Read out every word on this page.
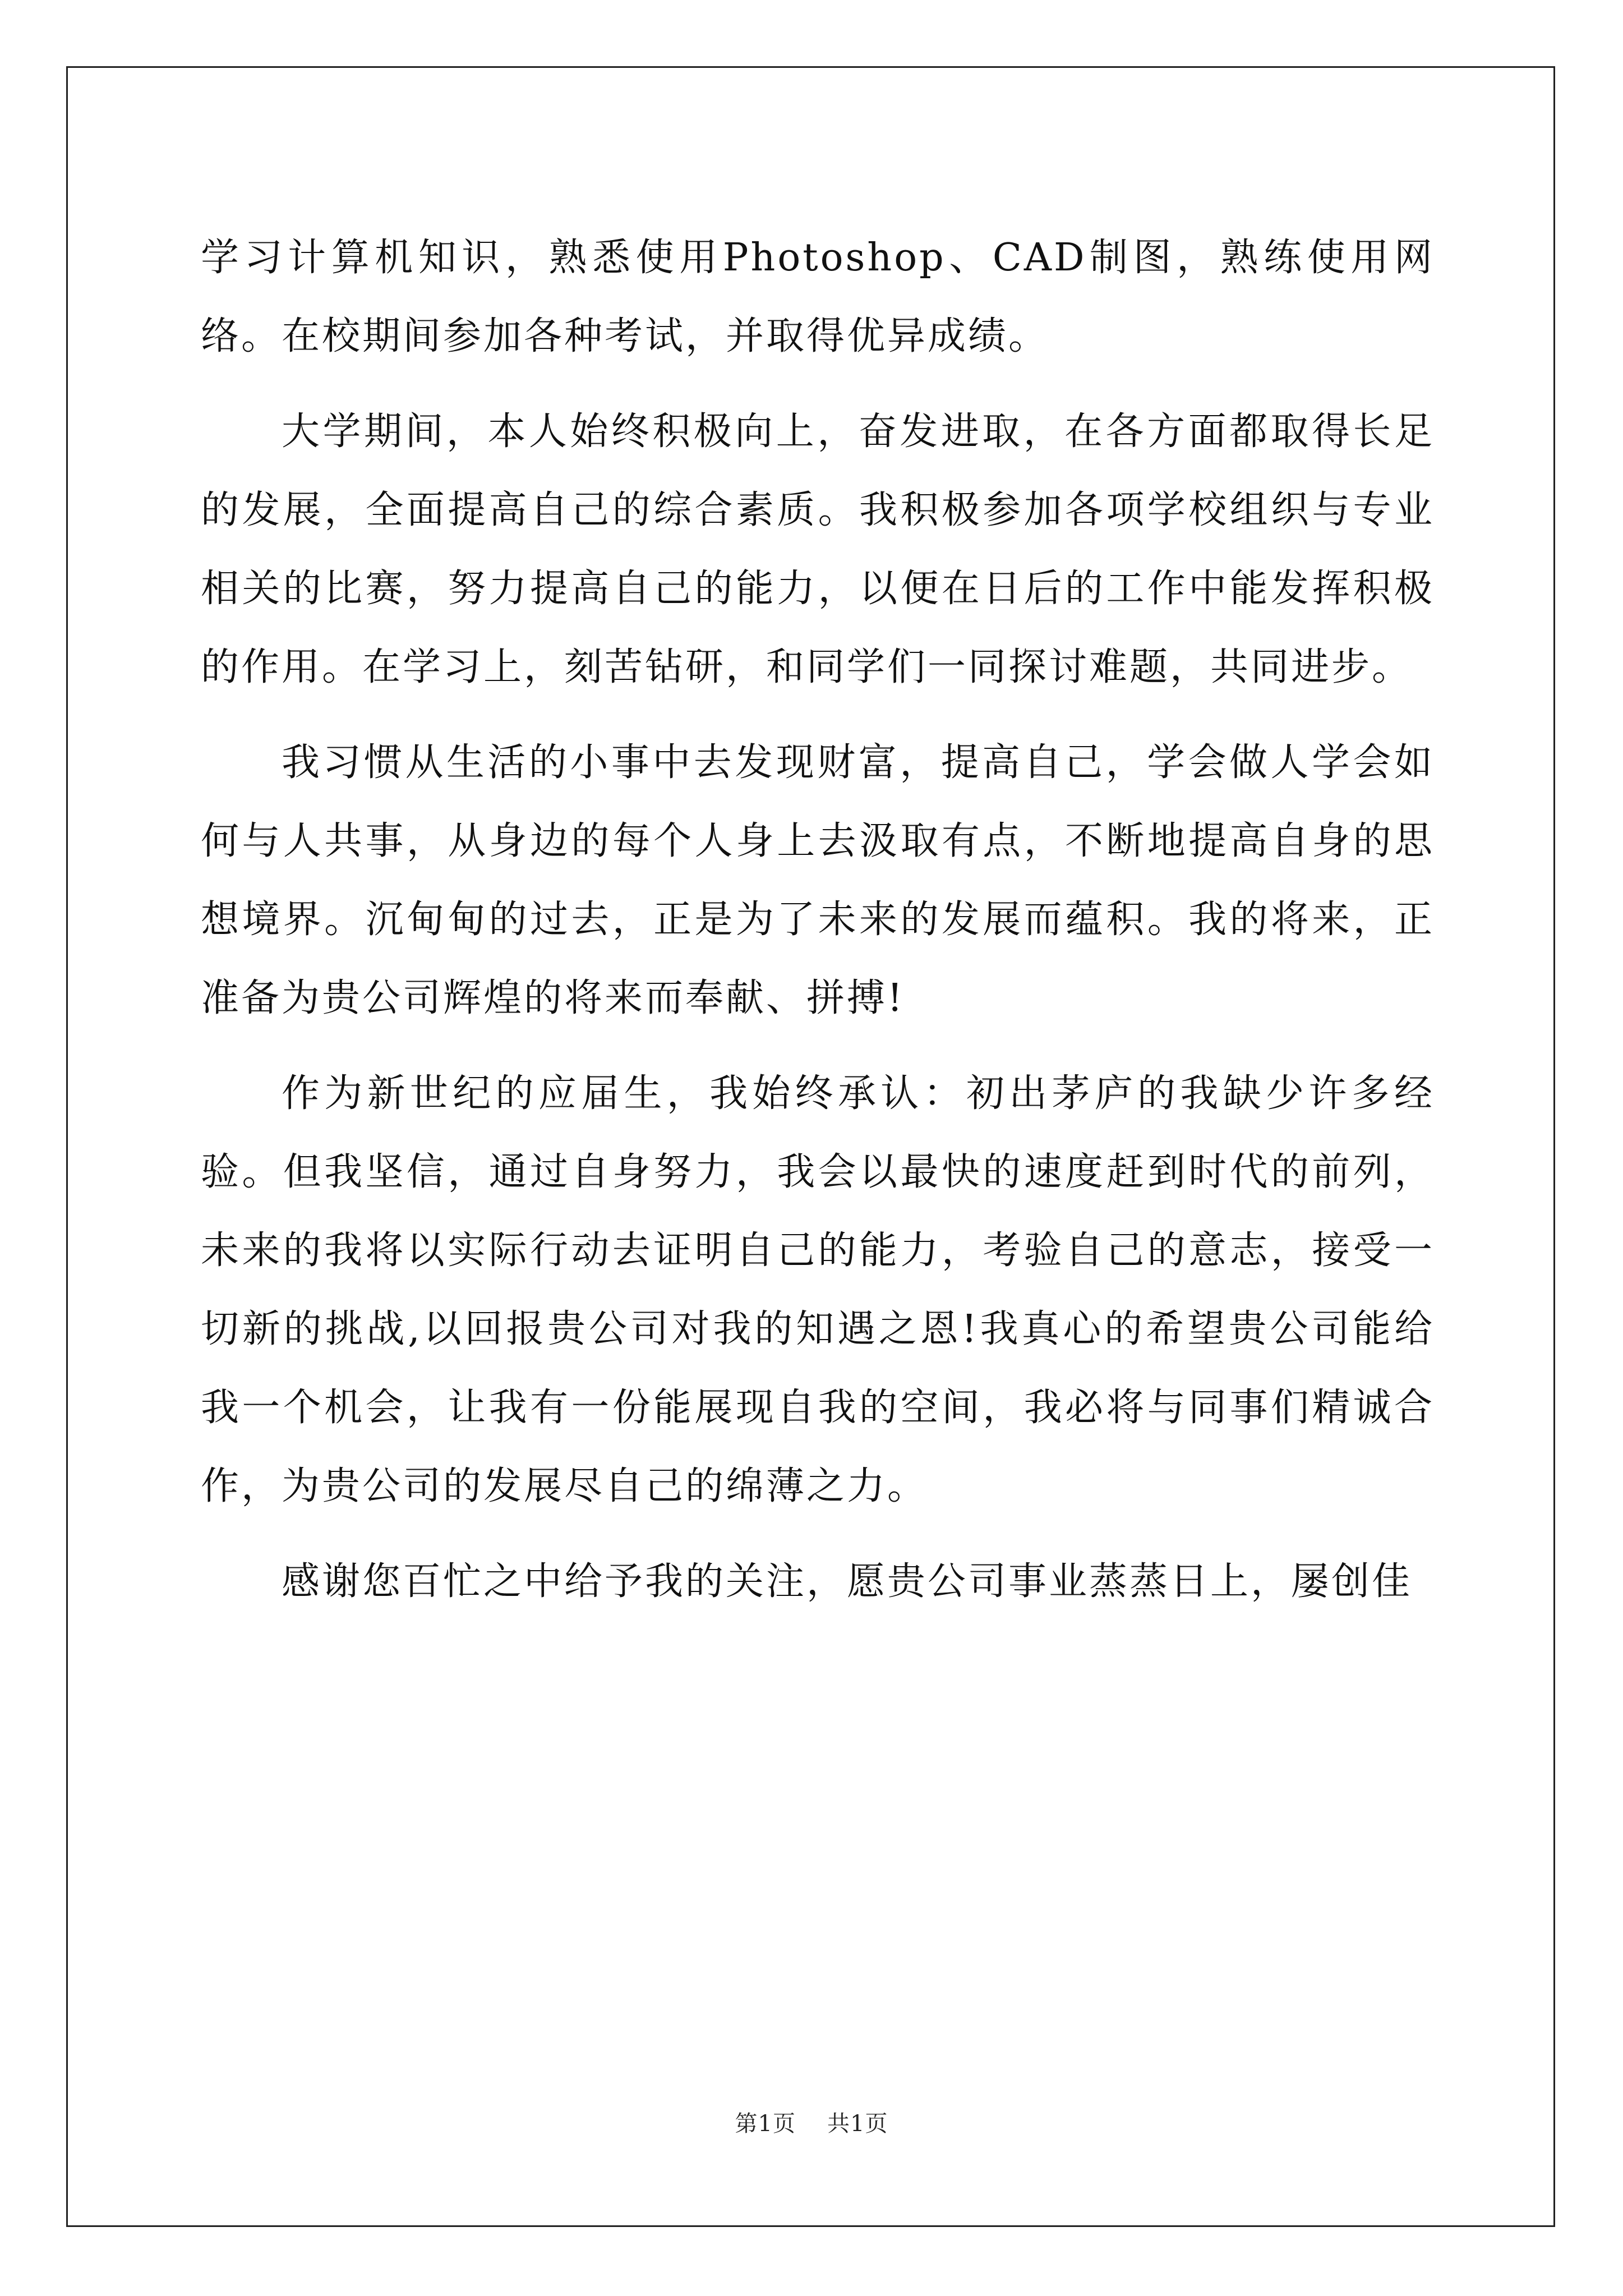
学习计算机知识，熟悉使用Photoshop、CAD制图，熟练使用网络。在校期间参加各种考试，并取得优异成绩。

大学期间，本人始终积极向上，奋发进取，在各方面都取得长足的发展，全面提高自己的综合素质。我积极参加各项学校组织与专业相关的比赛，努力提高自己的能力，以便在日后的工作中能发挥积极的作用。在学习上，刻苦钻研，和同学们一同探讨难题，共同进步。

我习惯从生活的小事中去发现财富，提高自己，学会做人学会如何与人共事，从身边的每个人身上去汲取有点，不断地提高自身的思想境界。沉甸甸的过去，正是为了未来的发展而蕴积。我的将来，正准备为贵公司辉煌的将来而奉献、拼搏!

作为新世纪的应届生，我始终承认：初出茅庐的我缺少许多经验。但我坚信，通过自身努力，我会以最快的速度赶到时代的前列，未来的我将以实际行动去证明自己的能力，考验自己的意志，接受一切新的挑战,以回报贵公司对我的知遇之恩!我真心的希望贵公司能给我一个机会，让我有一份能展现自我的空间，我必将与同事们精诚合作，为贵公司的发展尽自己的绵薄之力。

感谢您百忙之中给予我的关注，愿贵公司事业蒸蒸日上，屡创佳

第1页 共1页
